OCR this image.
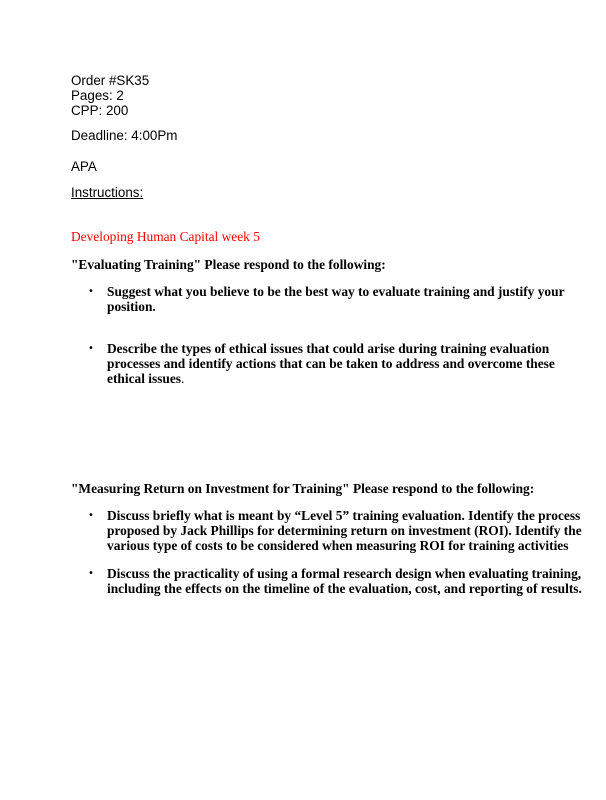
Order #SK35
Pages: 2
CPP: 200
Deadline: 4:00Pm
APA
Instructions:
Developing Human Capital week 5
"Evaluating Training" Please respond to the following:
• Suggest what you believe to be the best way to evaluate training and justify your
position.
• Describe the types of ethical issues that could arise during training evaluation
processes and identify actions that can be taken to address and overcome these
ethical issues.
"Measuring Return on Investment for Training" Please respond to the following:
• Discuss briefly what is meant by “Level 5” training evaluation. Identify the process
proposed by Jack Phillips for determining return on investment (ROI). Identify the
various type of costs to be considered when measuring ROI for training activities
• Discuss the practicality of using a formal research design when evaluating training,
including the effects on the timeline of the evaluation, cost, and reporting of results.
